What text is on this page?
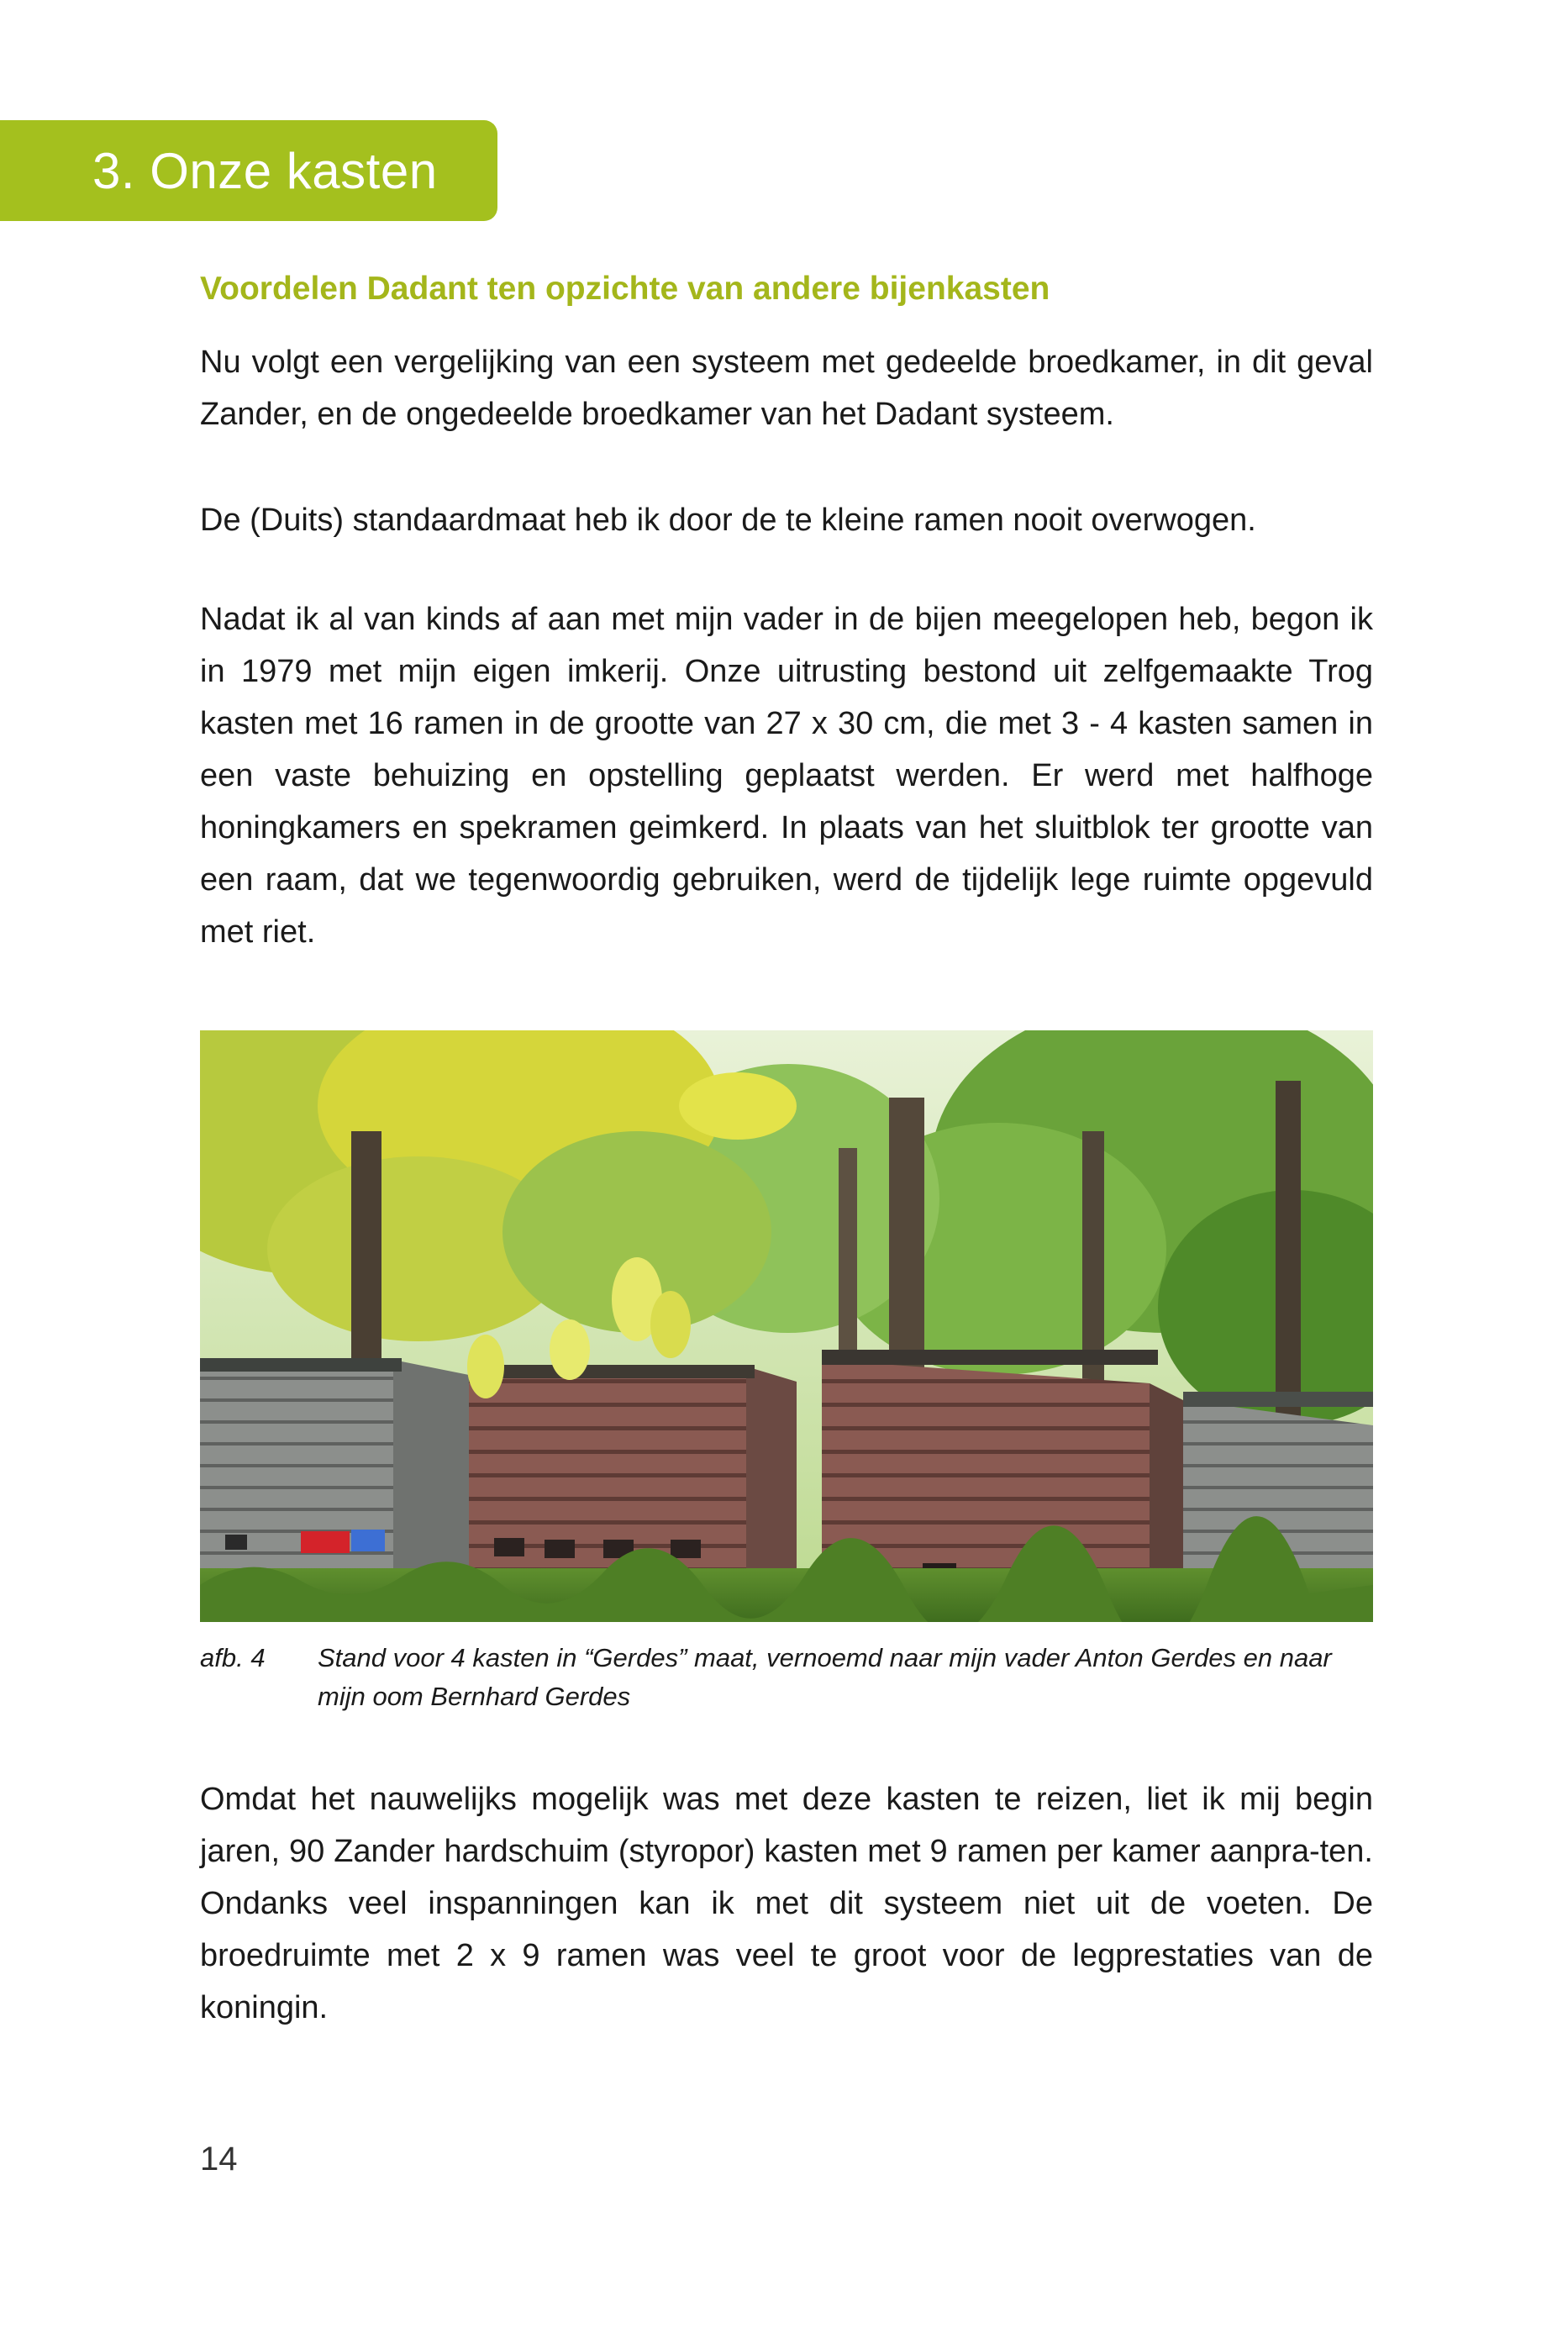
3. Onze kasten
Voordelen Dadant ten opzichte van andere bijenkasten

Nu volgt een vergelijking van een systeem met gedeelde broedkamer, in dit geval Zander, en de ongedeelde broedkamer van het Dadant systeem.

De (Duits) standaardmaat heb ik door de te kleine ramen nooit overwogen.

Nadat ik al van kinds af aan met mijn vader in de bijen meegelopen heb, begon ik in 1979 met mijn eigen imkerij. Onze uitrusting bestond uit zelfgemaakte Trog kasten met 16 ramen in de grootte van 27 x 30 cm, die met 3 - 4 kasten samen in een vaste behuizing en opstelling geplaatst werden. Er werd met halfhoge honingkamers en spekramen geimkerd. In plaats van het sluitblok ter grootte van een raam, dat we tegenwoordig gebruiken, werd de tijdelijk lege ruimte opgevuld met riet.

Omdat het nauwelijks mogelijk was met deze kasten te reizen, liet ik mij begin jaren, 90 Zander hardschuim (styropor) kasten met 9 ramen per kamer aanpra-ten. Ondanks veel inspanningen kan ik met dit systeem niet uit de voeten. De broedruimte met 2 x 9 ramen was veel te groot voor de legprestaties van de koningin.

afb. 4	Stand voor 4 kasten in “Gerdes” maat, vernoemd naar mijn vader Anton Gerdes en naar mijn oom Bernhard Gerdes
14
